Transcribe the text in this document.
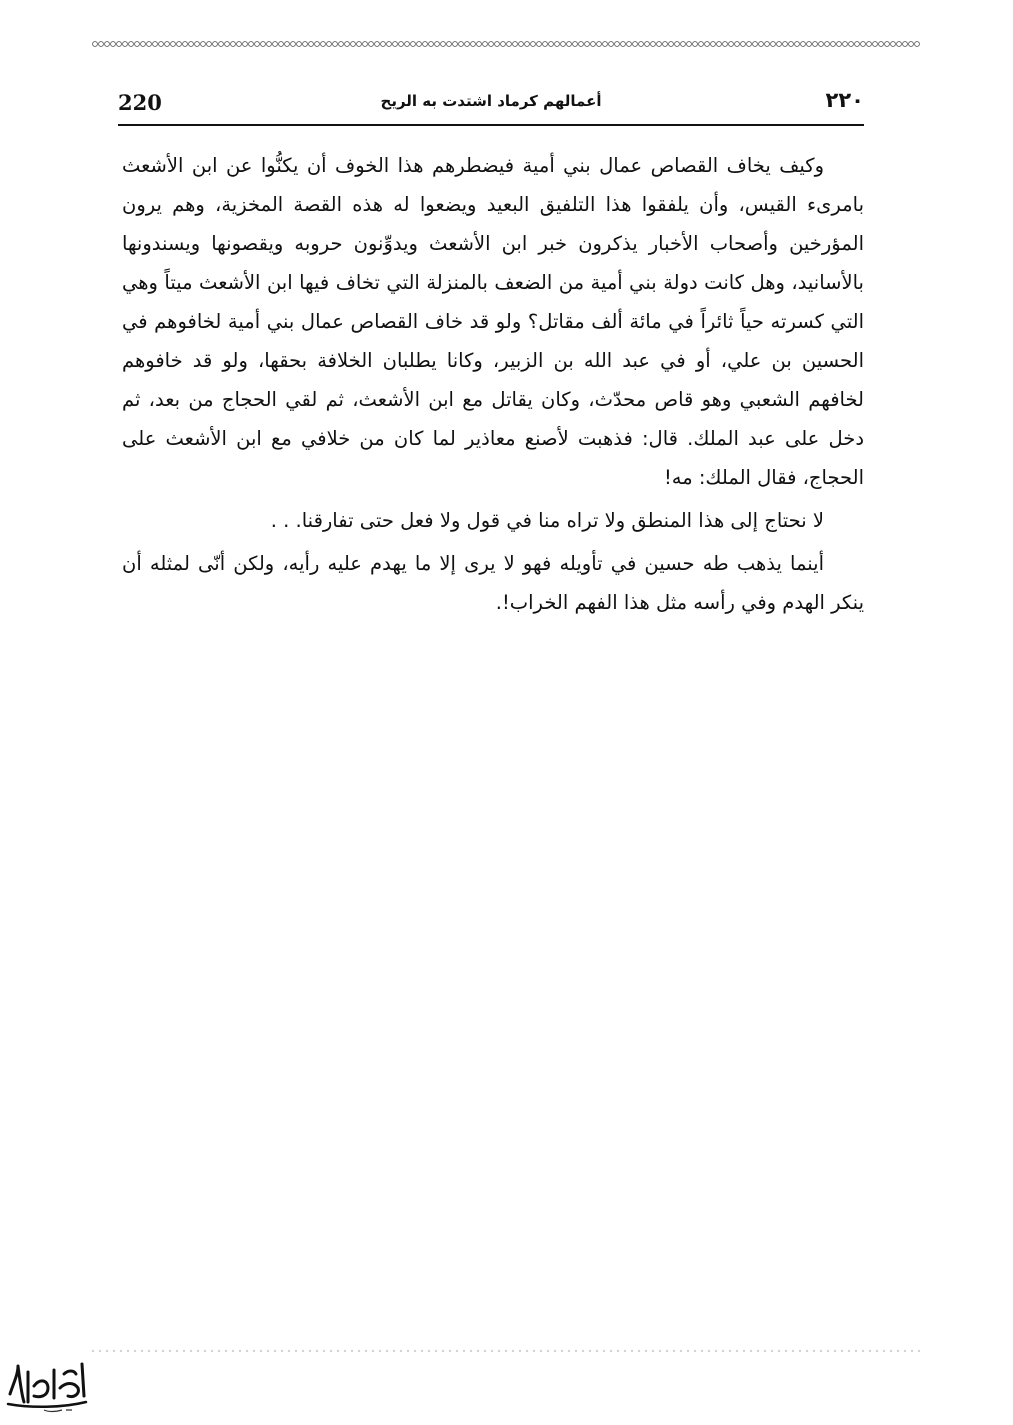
220	أعمالهم كرماد اشتدت به الريح	٢٢٠

وكيف يخاف القصاص عمال بني أمية فيضطرهم هذا الخوف أن يكنُّوا عن ابن الأشعث بامرىء القيس، وأن يلفقوا هذا التلفيق البعيد ويضعوا له هذه القصة المخزية، وهم يرون المؤرخين وأصحاب الأخبار يذكرون خبر ابن الأشعث ويدوِّنون حروبه ويقصونها ويسندونها بالأسانيد، وهل كانت دولة بني أمية من الضعف بالمنزلة التي تخاف فيها ابن الأشعث ميتاً وهي التي كسرته حياً ثائراً في مائة ألف مقاتل؟ ولو قد خاف القصاص عمال بني أمية لخافوهم في الحسين بن علي، أو في عبد الله بن الزبير، وكانا يطلبان الخلافة بحقها، ولو قد خافوهم لخافهم الشعبي وهو قاص محدّث، وكان يقاتل مع ابن الأشعث، ثم لقي الحجاج من بعد، ثم دخل على عبد الملك. قال: فذهبت لأصنع معاذير لما كان من خلافي مع ابن الأشعث على الحجاج، فقال الملك: مه!

لا نحتاج إلى هذا المنطق ولا تراه منا في قول ولا فعل حتى تفارقنا. . .

أينما يذهب طه حسين في تأويله فهو لا يرى إلا ما يهدم عليه رأيه، ولكن أنّى لمثله أن ينكر الهدم وفي رأسه مثل هذا الفهم الخراب!.
